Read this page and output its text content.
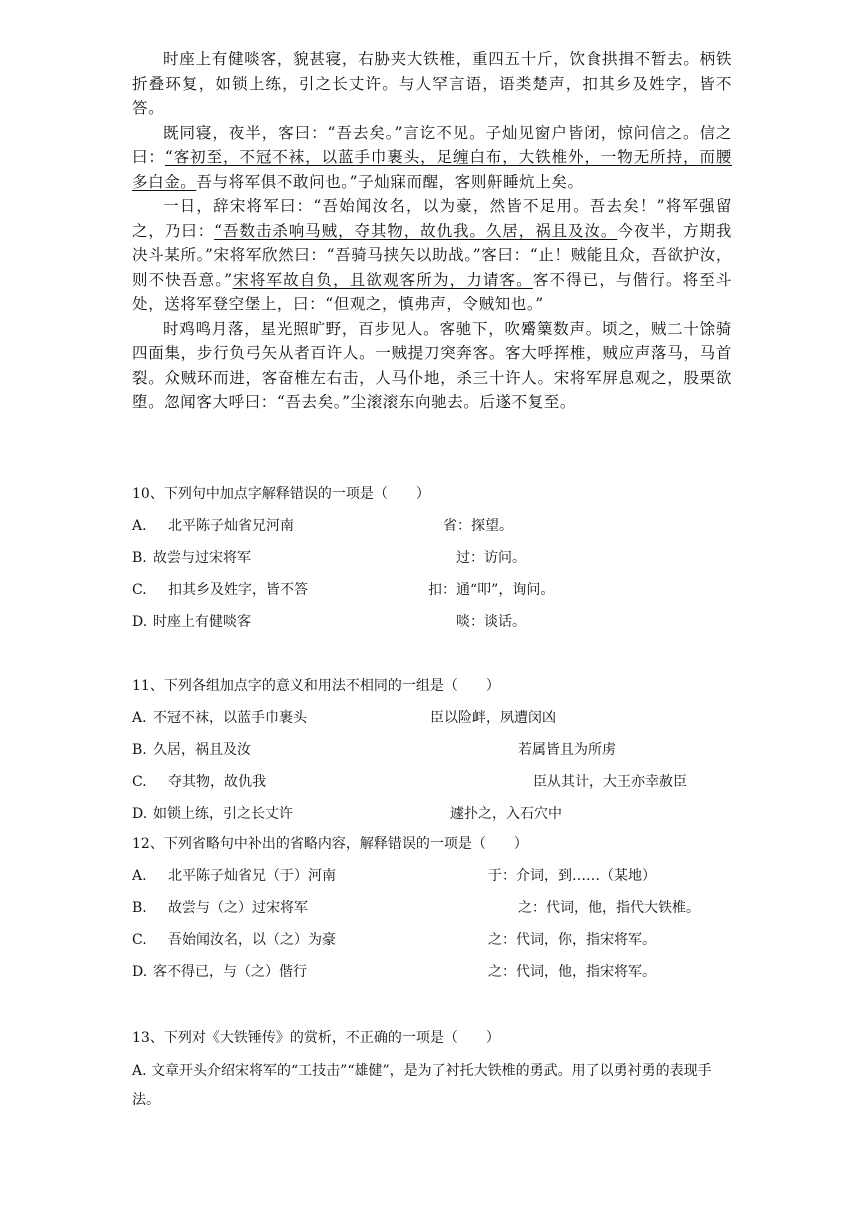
时座上有健啖客，貌甚寝，右胁夹大铁椎，重四五十斤，饮食拱揖不暂去。柄铁折叠环复，如锁上练，引之长丈许。与人罕言语，语类楚声，扣其乡及姓字，皆不答。

既同寝，夜半，客曰：“吾去矣。”言讫不见。子灿见窗户皆闭，惊问信之。信之曰：“客初至，不冠不袜，以蓝手巾裹头，足缠白布，大铁椎外，一物无所持，而腰多白金。吾与将军俱不敢问也。”子灿寐而醒，客则鼾睡炕上矣。

一日，辞宋将军曰：“吾始闻汝名，以为豪，然皆不足用。吾去矣！”将军强留之，乃曰：“吾数击杀响马贼，夺其物，故仇我。久居，祸且及汝。今夜半，方期我决斗某所。”宋将军欣然曰：“吾骑马挟矢以助战。”客曰：“止！贼能且众，吾欲护汝，则不快吾意。”宋将军故自负，且欲观客所为，力请客。客不得已，与偕行。将至斗处，送将军登空堡上，曰：“但观之，慎弗声，令贼知也。”

时鸡鸣月落，星光照旷野，百步见人。客驰下，吹觱篥数声。顷之，贼二十馀骑四面集，步行负弓矢从者百许人。一贼提刀突奔客。客大呼挥椎，贼应声落马，马首裂。众贼环而进，客奋椎左右击，人马仆地，杀三十许人。宋将军屏息观之，股栗欲堕。忽闻客大呼曰：“吾去矣。”尘滚滚东向驰去。后遂不复至。

10、下列句中加点字解释错误的一项是（　　）
A. 北平陈子灿省兄河南	省：探望。
B. 故尝与过宋将军	过：访问。
C. 扣其乡及姓字，皆不答	扣：通“叩”，询问。
D. 时座上有健啖客	啖：谈话。
11、下列各组加点字的意义和用法不相同的一组是（　　）
A. 不冠不袜，以蓝手巾裹头	臣以险衅，夙遭闵凶
B. 久居，祸且及汝	若属皆且为所虏
C. 夺其物，故仇我	臣从其计，大王亦幸赦臣
D. 如锁上练，引之长丈许	遽扑之，入石穴中
12、下列省略句中补出的省略内容，解释错误的一项是（　　）
A. 北平陈子灿省兄（于）河南	于：介词，到……（某地）
B. 故尝与（之）过宋将军	之：代词，他，指代大铁椎。
C. 吾始闻汝名，以（之）为豪	之：代词，你，指宋将军。
D. 客不得已，与（之）偕行	之：代词，他，指宋将军。
13、下列对《大铁锤传》的赏析，不正确的一项是（　　）
A. 文章开头介绍宋将军的“工技击”“雄健”，是为了衬托大铁椎的勇武。用了以勇衬勇的表现手法。
